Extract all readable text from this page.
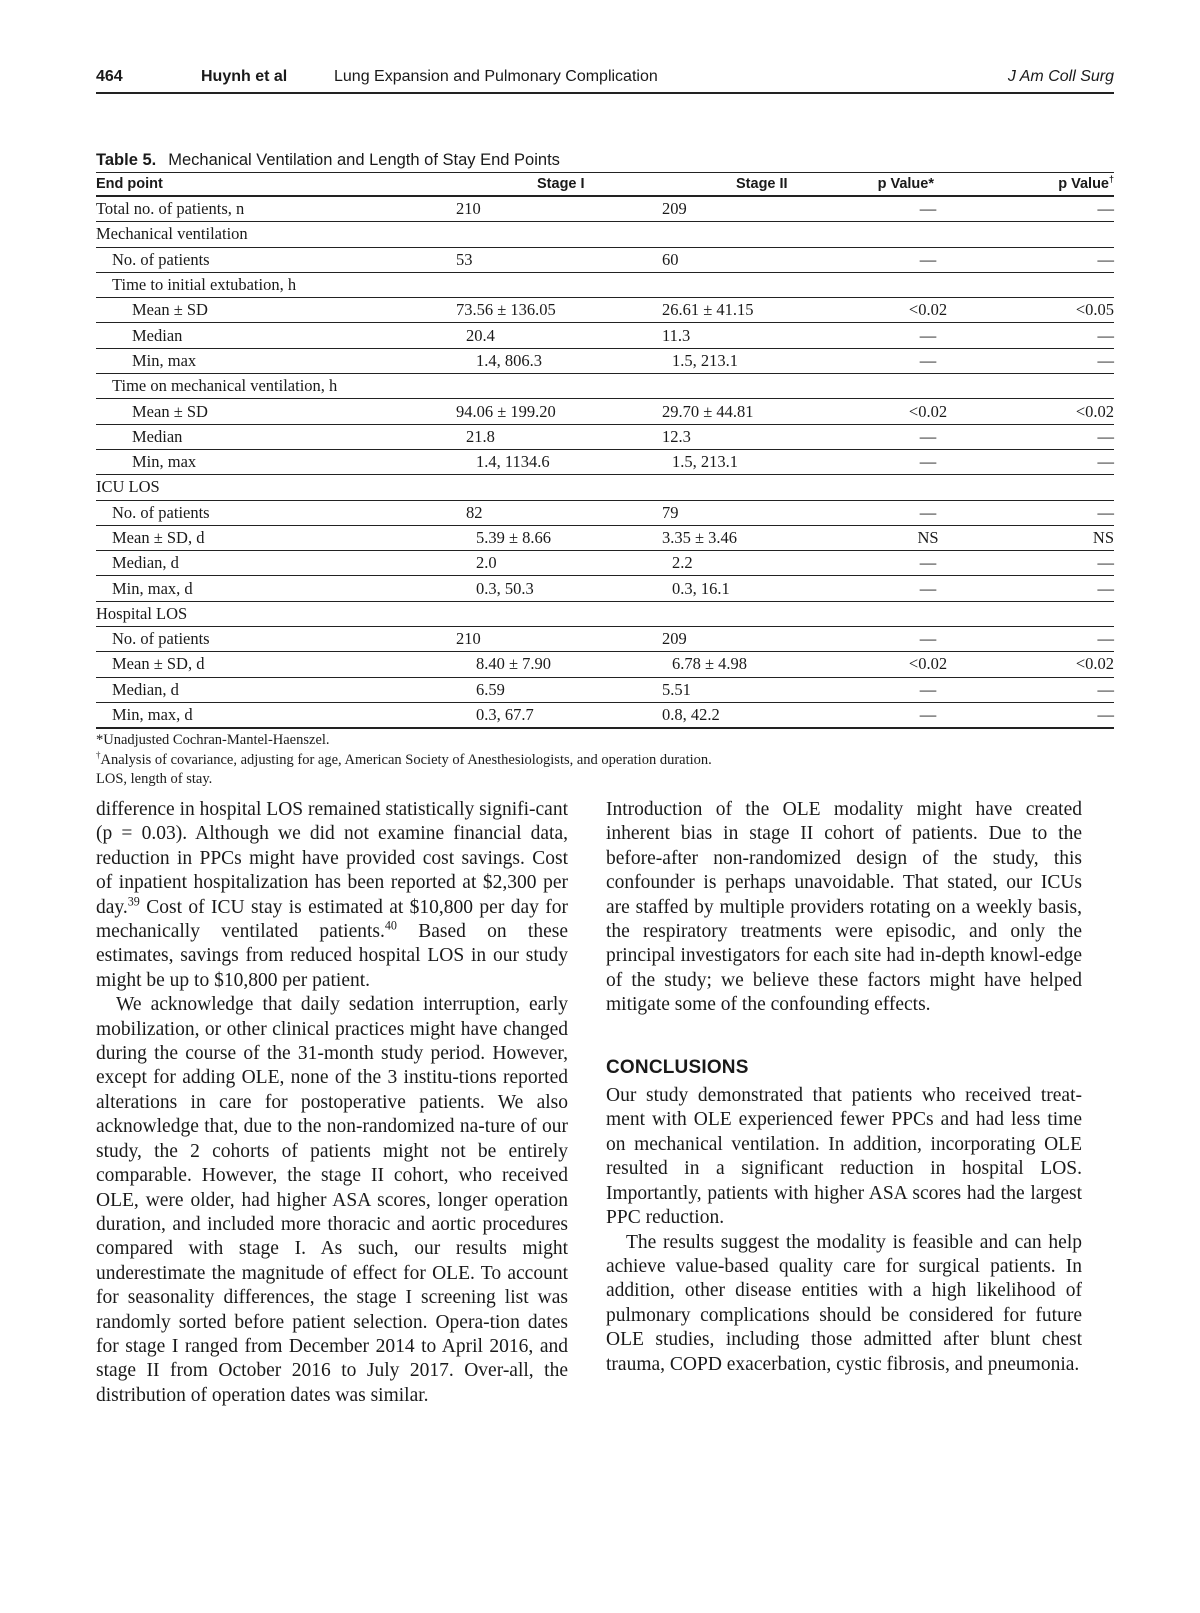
464	Huynh et al	Lung Expansion and Pulmonary Complication	J Am Coll Surg
Table 5. Mechanical Ventilation and Length of Stay End Points
End point	Stage I	Stage II	p Value*	p Value†
Total no. of patients, n	210	209	—	—
Mechanical ventilation				
No. of patients	53	60	—	—
Time to initial extubation, h				
Mean ± SD	73.56 ± 136.05	26.61 ± 41.15	<0.02	<0.05
Median	20.4	11.3	—	—
Min, max	1.4, 806.3	1.5, 213.1	—	—
Time on mechanical ventilation, h				
Mean ± SD	94.06 ± 199.20	29.70 ± 44.81	<0.02	<0.02
Median	21.8	12.3	—	—
Min, max	1.4, 1134.6	1.5, 213.1	—	—
ICU LOS				
No. of patients	82	79	—	—
Mean ± SD, d	5.39 ± 8.66	3.35 ± 3.46	NS	NS
Median, d	2.0	2.2	—	—
Min, max, d	0.3, 50.3	0.3, 16.1	—	—
Hospital LOS				
No. of patients	210	209	—	—
Mean ± SD, d	8.40 ± 7.90	6.78 ± 4.98	<0.02	<0.02
Median, d	6.59	5.51	—	—
Min, max, d	0.3, 67.7	0.8, 42.2	—	—
*Unadjusted Cochran-Mantel-Haenszel.
†Analysis of covariance, adjusting for age, American Society of Anesthesiologists, and operation duration.
LOS, length of stay.

difference in hospital LOS remained statistically signifi-cant (p = 0.03). Although we did not examine financial data, reduction in PPCs might have provided cost savings. Cost of inpatient hospitalization has been reported at $2,300 per day.$^{39}$ Cost of ICU stay is estimated at $10,800 per day for mechanically ventilated patients.$^{40}$ Based on these estimates, savings from reduced hospital LOS in our study might be up to $10,800 per patient.

We acknowledge that daily sedation interruption, early mobilization, or other clinical practices might have changed during the course of the 31-month study period. However, except for adding OLE, none of the 3 institu-tions reported alterations in care for postoperative patients. We also acknowledge that, due to the non-randomized na-ture of our study, the 2 cohorts of patients might not be entirely comparable. However, the stage II cohort, who received OLE, were older, had higher ASA scores, longer operation duration, and included more thoracic and aortic procedures compared with stage I. As such, our results might underestimate the magnitude of effect for OLE. To account for seasonality differences, the stage I screening list was randomly sorted before patient selection. Opera-tion dates for stage I ranged from December 2014 to April 2016, and stage II from October 2016 to July 2017. Over-all, the distribution of operation dates was similar.

Introduction of the OLE modality might have created inherent bias in stage II cohort of patients. Due to the before-after non-randomized design of the study, this confounder is perhaps unavoidable. That stated, our ICUs are staffed by multiple providers rotating on a weekly basis, the respiratory treatments were episodic, and only the principal investigators for each site had in-depth knowl-edge of the study; we believe these factors might have helped mitigate some of the confounding effects.

CONCLUSIONS

Our study demonstrated that patients who received treat-ment with OLE experienced fewer PPCs and had less time on mechanical ventilation. In addition, incorporating OLE resulted in a significant reduction in hospital LOS. Importantly, patients with higher ASA scores had the largest PPC reduction.

The results suggest the modality is feasible and can help achieve value-based quality care for surgical patients. In addition, other disease entities with a high likelihood of pulmonary complications should be considered for future OLE studies, including those admitted after blunt chest trauma, COPD exacerbation, cystic fibrosis, and pneumonia.
